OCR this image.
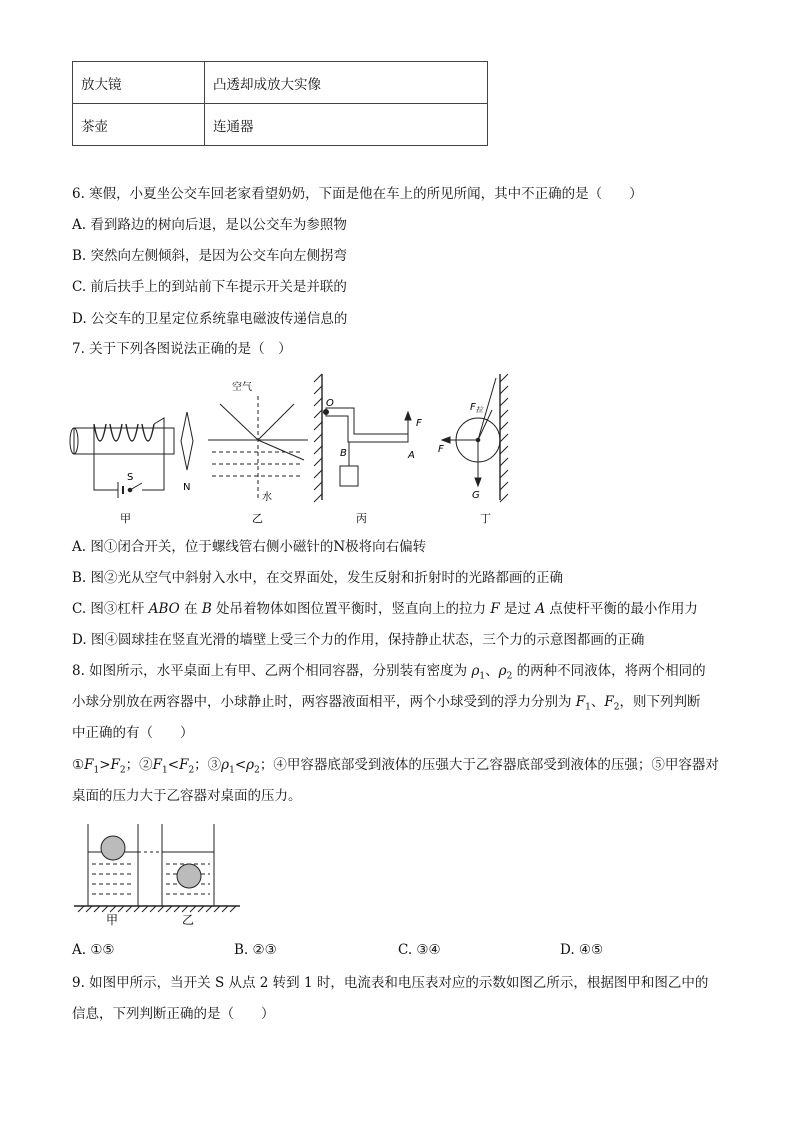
放大镜	凸透却成放大实像
茶壶	连通器
6. 寒假，小夏坐公交车回老家看望奶奶，下面是他在车上的所见所闻，其中不正确的是（　　）
A. 看到路边的树向后退，是以公交车为参照物
B. 突然向左侧倾斜，是因为公交车向左侧拐弯
C. 前后扶手上的到站前下车提示开关是并联的
D. 公交车的卫星定位系统靠电磁波传递信息的
7. 关于下列各图说法正确的是（　）
S
N
空气
水
O
B	A
F
$F_拉$
F
G
甲	乙	丙	丁
A. 图①闭合开关，位于螺线管右侧小磁针的N极将向右偏转
B. 图②光从空气中斜射入水中，在交界面处，发生反射和折射时的光路都画的正确
C. 图③杠杆 ABO 在 B 处吊着物体如图位置平衡时，竖直向上的拉力 F 是过 A 点使杆平衡的最小作用力
D. 图④圆球挂在竖直光滑的墙壁上受三个力的作用，保持静止状态，三个力的示意图都画的正确
8. 如图所示，水平桌面上有甲、乙两个相同容器，分别装有密度为 $\rho_1$、$\rho_2$ 的两种不同液体，将两个相同的
小球分别放在两容器中，小球静止时，两容器液面相平，两个小球受到的浮力分别为 $F_1$、$F_2$，则下列判断
中正确的有（　　）
$①F_1>F_2$；$②F_1<F_2$；$③\rho_1<\rho_2$；④甲容器底部受到液体的压强大于乙容器底部受到液体的压强；⑤甲容器对
桌面的压力大于乙容器对桌面的压力。
甲	乙
A. ①⑤	B. ②③	C. ③④	D. ④⑤
9. 如图甲所示，当开关 S 从点 2 转到 1 时，电流表和电压表对应的示数如图乙所示，根据图甲和图乙中的
信息，下列判断正确的是（　　）
